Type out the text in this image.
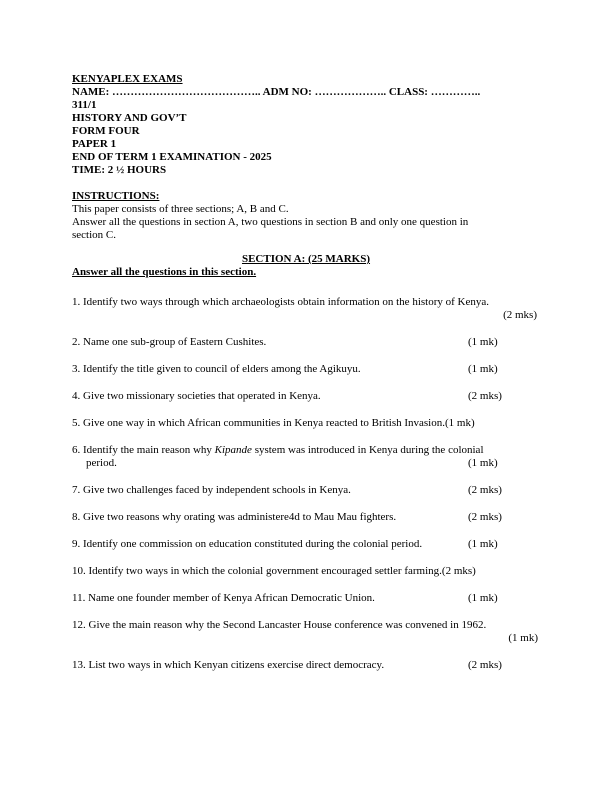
KENYAPLEX EXAMS
NAME: ………………………………….. ADM NO: ……………….. CLASS: …………..
311/1
HISTORY AND GOV’T
FORM FOUR
PAPER 1
END OF TERM 1 EXAMINATION - 2025
TIME: 2 ½ HOURS
INSTRUCTIONS:
This paper consists of three sections; A, B and C.
Answer all the questions in section A, two questions in section B and only one question in
section C.
SECTION A: (25 MARKS)
Answer all the questions in this section.
1. Identify two ways through which archaeologists obtain information on the history of Kenya.
(2 mks)
2. Name one sub-group of Eastern Cushites.	(1 mk)
3. Identify the title given to council of elders among the Agikuyu.	(1 mk)
4. Give two missionary societies that operated in Kenya.	(2 mks)
5. Give one way in which African communities in Kenya reacted to British Invasion.(1 mk)
6. Identify the main reason why Kipande system was introduced in Kenya during the colonial
period.	(1 mk)
7. Give two challenges faced by independent schools in Kenya.	(2 mks)
8. Give two reasons why orating was administere4d to Mau Mau fighters.	(2 mks)
9. Identify one commission on education constituted during the colonial period.	(1 mk)
10. Identify two ways in which the colonial government encouraged settler farming.(2 mks)
11. Name one founder member of Kenya African Democratic Union.	(1 mk)
12. Give the main reason why the Second Lancaster House conference was convened in 1962.
(1 mk)
13. List two ways in which Kenyan citizens exercise direct democracy.	(2 mks)
